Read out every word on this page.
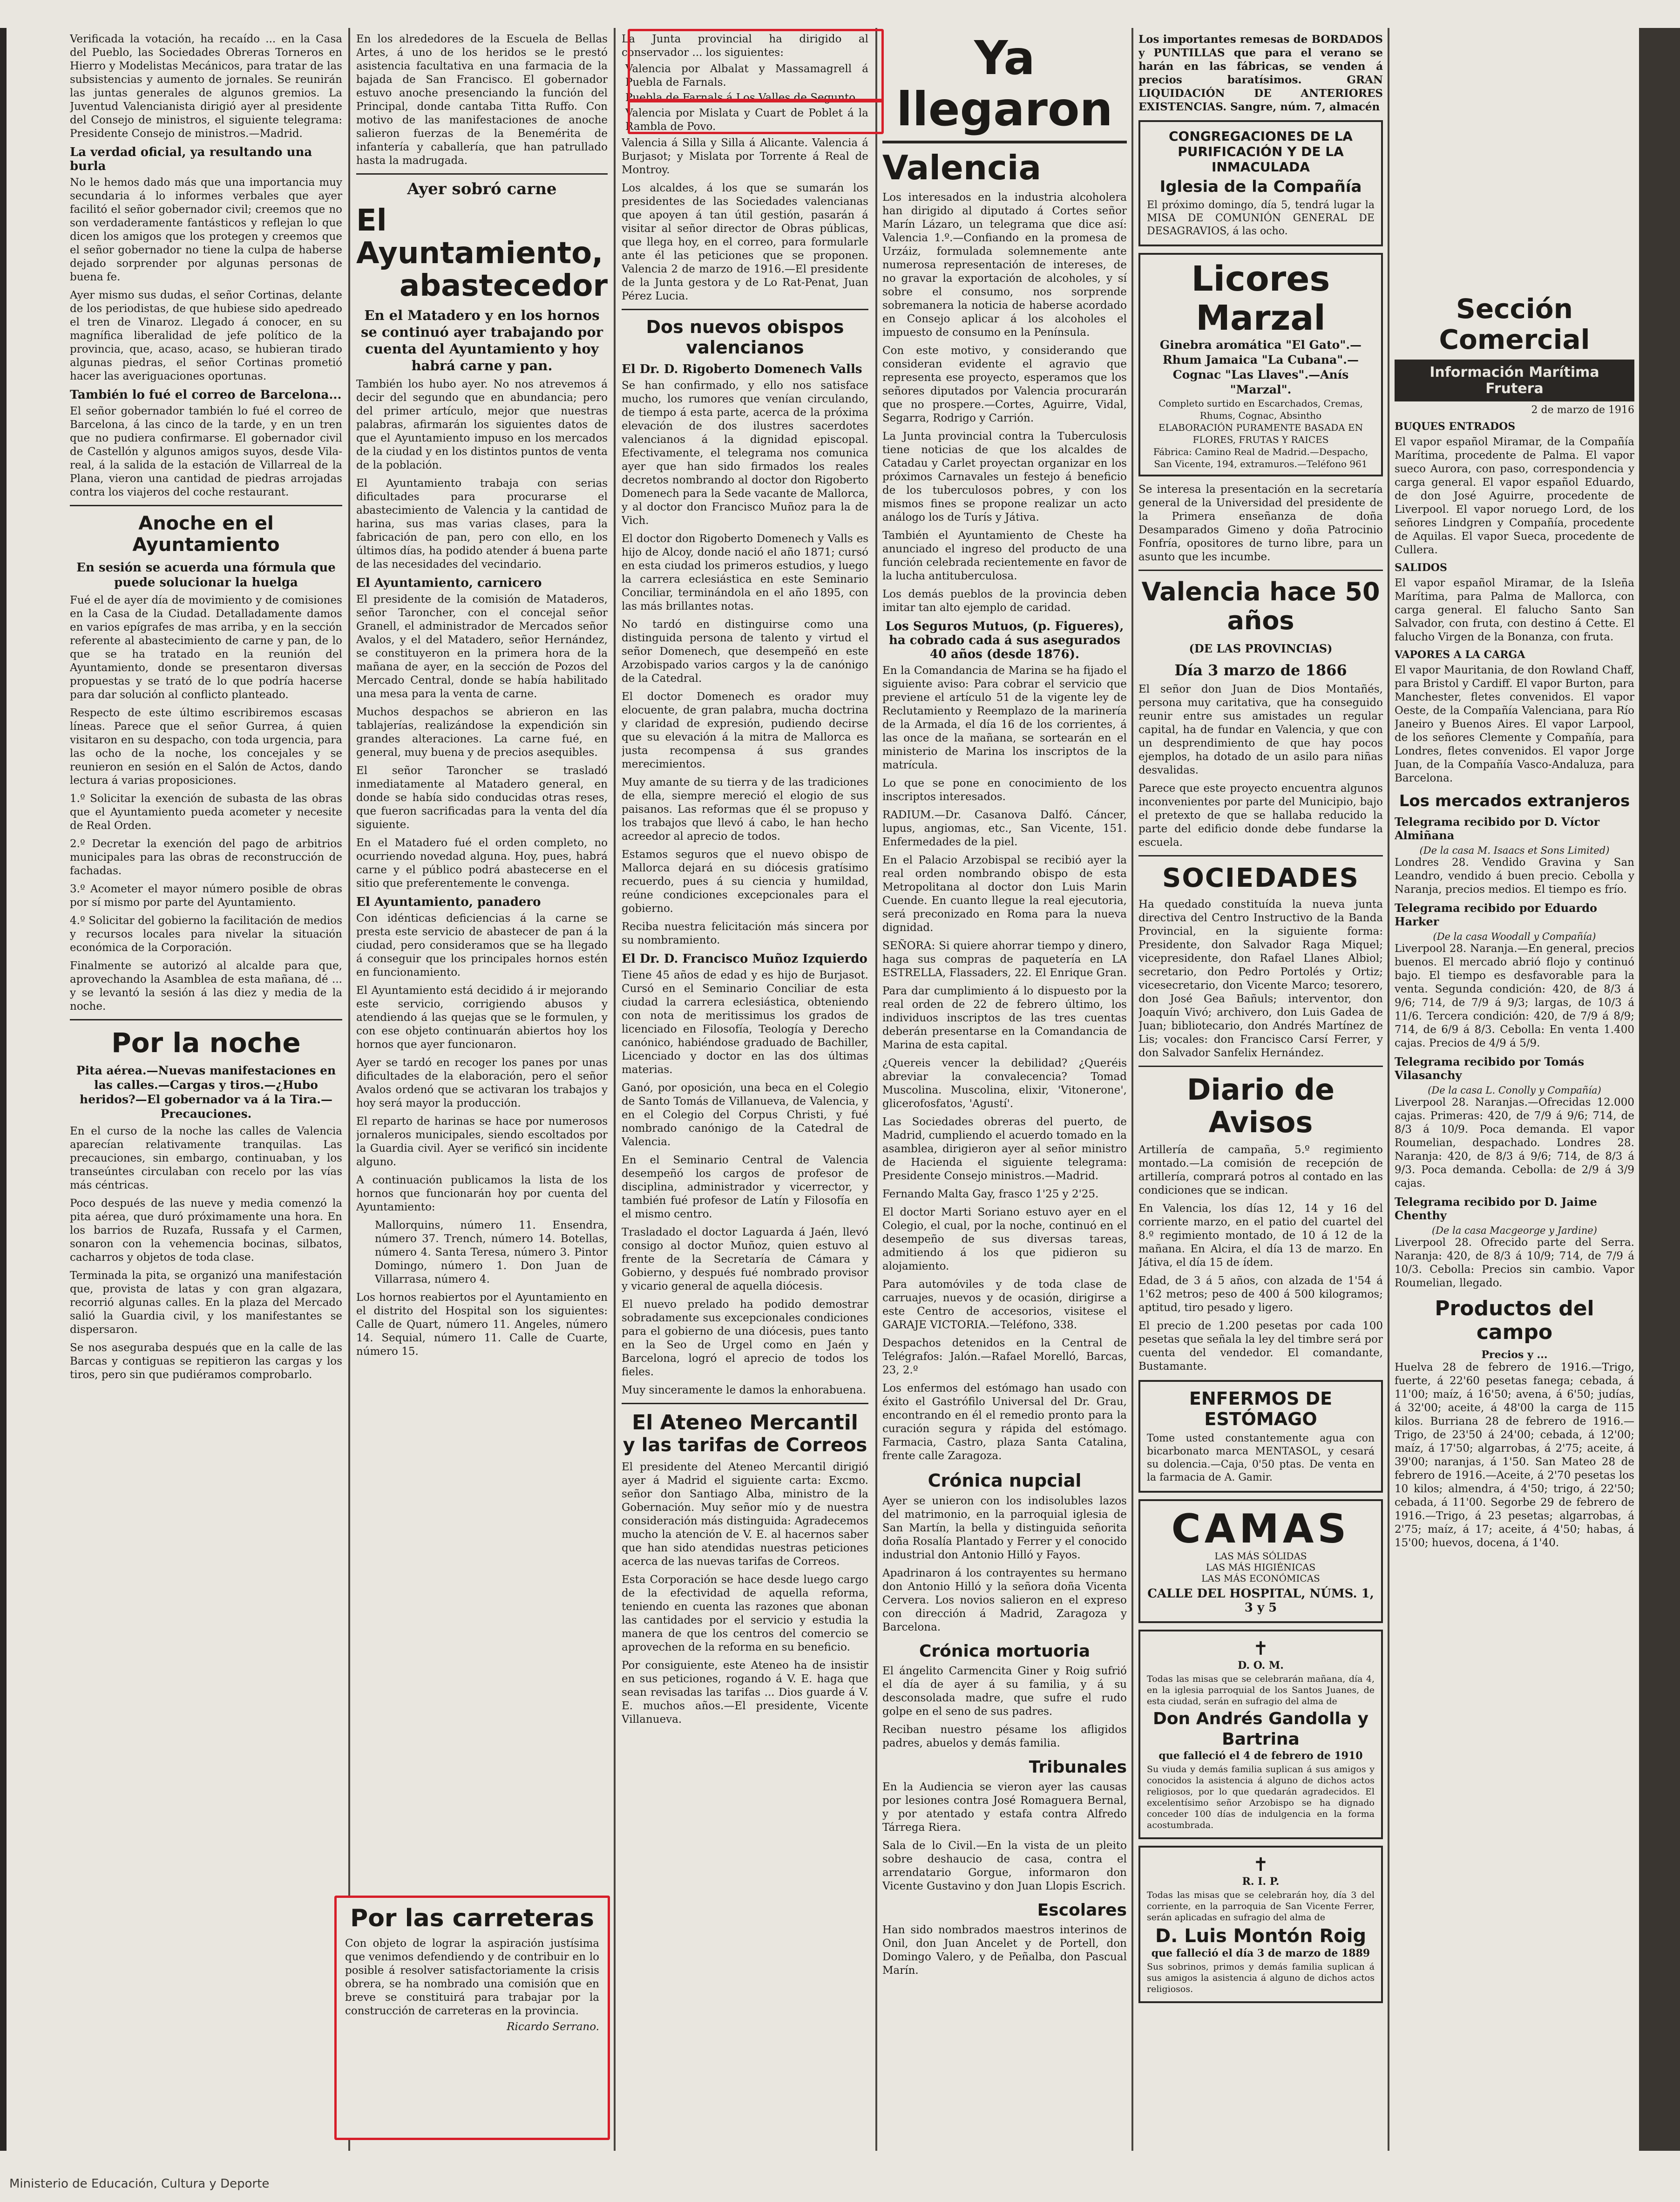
Verificada la votación, ha recaído ... en la Casa del Pueblo, las Sociedades Obreras Torneros en Hierro y Modelistas Mecánicos, para tratar de las subsistencias y aumento de jornales. Se reunirán las juntas generales de algunos gremios. La Juventud Valencianista dirigió ayer al presidente del Consejo de ministros, el siguiente telegrama: Presidente Consejo de ministros.—Madrid.

La verdad oficial, ya resultando una burla

No le hemos dado más que una importancia muy secundaria á lo informes verbales que ayer facilitó el señor gobernador civil; creemos que no son verdaderamente fantásticos y reflejan lo que dicen los amigos que los protegen y creemos que el señor gobernador no tiene la culpa de haberse dejado sorprender por algunas personas de buena fe.

Ayer mismo sus dudas, el señor Cortinas, delante de los periodistas, de que hubiese sido apedreado el tren de Vinaroz. Llegado á conocer, en su magnífica liberalidad de jefe político de la provincia, que, acaso, acaso, se hubieran tirado algunas piedras, el señor Cortinas prometió hacer las averiguaciones oportunas.

También lo fué el correo de Barcelona...

El señor gobernador también lo fué el correo de Barcelona, á las cinco de la tarde, y en un tren que no pudiera confirmarse. El gobernador civil de Castellón y algunos amigos suyos, desde Vila-real, á la salida de la estación de Villarreal de la Plana, vieron una cantidad de piedras arrojadas contra los viajeros del coche restaurant.

Anoche en el Ayuntamiento
En sesión se acuerda una fórmula que puede solucionar la huelga

Fué el de ayer día de movimiento y de comisiones en la Casa de la Ciudad. Detalladamente damos en varios epígrafes de mas arriba, y en la sección referente al abastecimiento de carne y pan, de lo que se ha tratado en la reunión del Ayuntamiento, donde se presentaron diversas propuestas y se trató de lo que podría hacerse para dar solución al conflicto planteado.

Respecto de este último escribiremos escasas líneas. Parece que el señor Gurrea, á quien visitaron en su despacho, con toda urgencia, para las ocho de la noche, los concejales y se reunieron en sesión en el Salón de Actos, dando lectura á varias proposiciones.

1.º Solicitar la exención de subasta de las obras que el Ayuntamiento pueda acometer y necesite de Real Orden.

2.º Decretar la exención del pago de arbitrios municipales para las obras de reconstrucción de fachadas.

3.º Acometer el mayor número posible de obras por sí mismo por parte del Ayuntamiento.

4.º Solicitar del gobierno la facilitación de medios y recursos locales para nivelar la situación económica de la Corporación.

Finalmente se autorizó al alcalde para que, aprovechando la Asamblea de esta mañana, dé ... y se levantó la sesión á las diez y media de la noche.

Por la noche
Pita aérea.—Nuevas manifestaciones en las calles.—Cargas y tiros.—¿Hubo heridos?—El gobernador va á la Tira.—Precauciones.

En el curso de la noche las calles de Valencia aparecían relativamente tranquilas. Las precauciones, sin embargo, continuaban, y los transeúntes circulaban con recelo por las vías más céntricas.

Poco después de las nueve y media comenzó la pita aérea, que duró próximamente una hora. En los barrios de Ruzafa, Russafa y el Carmen, sonaron con la vehemencia bocinas, silbatos, cacharros y objetos de toda clase.

Terminada la pita, se organizó una manifestación que, provista de latas y con gran algazara, recorrió algunas calles. En la plaza del Mercado salió la Guardia civil, y los manifestantes se dispersaron.

Se nos aseguraba después que en la calle de las Barcas y contiguas se repitieron las cargas y los tiros, pero sin que pudiéramos comprobarlo.

En los alrededores de la Escuela de Bellas Artes, á uno de los heridos se le prestó asistencia facultativa en una farmacia de la bajada de San Francisco. El gobernador estuvo anoche presenciando la función del Principal, donde cantaba Titta Ruffo. Con motivo de las manifestaciones de anoche salieron fuerzas de la Benemérita de infantería y caballería, que han patrullado hasta la madrugada.

Ayer sobró carne
El Ayuntamiento,
abastecedor
En el Matadero y en los hornos se continuó ayer trabajando por cuenta del Ayuntamiento y hoy habrá carne y pan.

También los hubo ayer. No nos atrevemos á decir del segundo que en abundancia; pero del primer artículo, mejor que nuestras palabras, afirmarán los siguientes datos de que el Ayuntamiento impuso en los mercados de la ciudad y en los distintos puntos de venta de la población.

El Ayuntamiento trabaja con serias dificultades para procurarse el abastecimiento de Valencia y la cantidad de harina, sus mas varias clases, para la fabricación de pan, pero con ello, en los últimos días, ha podido atender á buena parte de las necesidades del vecindario.

El Ayuntamiento, carnicero

El presidente de la comisión de Mataderos, señor Taroncher, con el concejal señor Granell, el administrador de Mercados señor Avalos, y el del Matadero, señor Hernández, se constituyeron en la primera hora de la mañana de ayer, en la sección de Pozos del Mercado Central, donde se había habilitado una mesa para la venta de carne.

Muchos despachos se abrieron en las tablajerías, realizándose la expendición sin grandes alteraciones. La carne fué, en general, muy buena y de precios asequibles.

El señor Taroncher se trasladó inmediatamente al Matadero general, en donde se había sido conducidas otras reses, que fueron sacrificadas para la venta del día siguiente.

En el Matadero fué el orden completo, no ocurriendo novedad alguna. Hoy, pues, habrá carne y el público podrá abastecerse en el sitio que preferentemente le convenga.

El Ayuntamiento, panadero

Con idénticas deficiencias á la carne se presta este servicio de abastecer de pan á la ciudad, pero consideramos que se ha llegado á conseguir que los principales hornos estén en funcionamiento.

El Ayuntamiento está decidido á ir mejorando este servicio, corrigiendo abusos y atendiendo á las quejas que se le formulen, y con ese objeto continuarán abiertos hoy los hornos que ayer funcionaron.

Ayer se tardó en recoger los panes por unas dificultades de la elaboración, pero el señor Avalos ordenó que se activaran los trabajos y hoy será mayor la producción.

El reparto de harinas se hace por numerosos jornaleros municipales, siendo escoltados por la Guardia civil. Ayer se verificó sin incidente alguno.

A continuación publicamos la lista de los hornos que funcionarán hoy por cuenta del Ayuntamiento:

Mallorquins, número 11. Ensendra, número 37. Trench, número 14. Botellas, número 4. Santa Teresa, número 3. Pintor Domingo, número 1. Don Juan de Villarrasa, número 4.

Los hornos reabiertos por el Ayuntamiento en el distrito del Hospital son los siguientes: Calle de Quart, número 11. Angeles, número 14. Sequial, número 11. Calle de Cuarte, número 15.

Por las carreteras

Con objeto de lograr la aspiración justísima que venimos defendiendo y de contribuir en lo posible á resolver satisfactoriamente la crisis obrera, se ha nombrado una comisión que en breve se constituirá para trabajar por la construcción de carreteras en la provincia.

Ricardo Serrano.

La Junta provincial ha dirigido al conservador ... los siguientes:

Valencia por Albalat y Massamagrell á Puebla de Farnals.

Puebla de Farnals á Los Valles de Segunto.

Valencia por Mislata y Cuart de Poblet á la Rambla de Povo.

Valencia á Silla y Silla á Alicante. Valencia á Burjasot; y Mislata por Torrente á Real de Montroy.

Los alcaldes, á los que se sumarán los presidentes de las Sociedades valencianas que apoyen á tan útil gestión, pasarán á visitar al señor director de Obras públicas, que llega hoy, en el correo, para formularle ante él las peticiones que se proponen. Valencia 2 de marzo de 1916.—El presidente de la Junta gestora y de Lo Rat-Penat, Juan Pérez Lucia.

Dos nuevos obispos valencianos
El Dr. D. Rigoberto Domenech Valls

Se han confirmado, y ello nos satisface mucho, los rumores que venían circulando, de tiempo á esta parte, acerca de la próxima elevación de dos ilustres sacerdotes valencianos á la dignidad episcopal. Efectivamente, el telegrama nos comunica ayer que han sido firmados los reales decretos nombrando al doctor don Rigoberto Domenech para la Sede vacante de Mallorca, y al doctor don Francisco Muñoz para la de Vich.

El doctor don Rigoberto Domenech y Valls es hijo de Alcoy, donde nació el año 1871; cursó en esta ciudad los primeros estudios, y luego la carrera eclesiástica en este Seminario Conciliar, terminándola en el año 1895, con las más brillantes notas.

No tardó en distinguirse como una distinguida persona de talento y virtud el señor Domenech, que desempeñó en este Arzobispado varios cargos y la de canónigo de la Catedral.

El doctor Domenech es orador muy elocuente, de gran palabra, mucha doctrina y claridad de expresión, pudiendo decirse que su elevación á la mitra de Mallorca es justa recompensa á sus grandes merecimientos.

Muy amante de su tierra y de las tradiciones de ella, siempre mereció el elogio de sus paisanos. Las reformas que él se propuso y los trabajos que llevó á cabo, le han hecho acreedor al aprecio de todos.

Estamos seguros que el nuevo obispo de Mallorca dejará en su diócesis gratísimo recuerdo, pues á su ciencia y humildad, reúne condiciones excepcionales para el gobierno.

Reciba nuestra felicitación más sincera por su nombramiento.

El Dr. D. Francisco Muñoz Izquierdo

Tiene 45 años de edad y es hijo de Burjasot. Cursó en el Seminario Conciliar de esta ciudad la carrera eclesiástica, obteniendo con nota de meritissimus los grados de licenciado en Filosofía, Teología y Derecho canónico, habiéndose graduado de Bachiller, Licenciado y doctor en las dos últimas materias.

Ganó, por oposición, una beca en el Colegio de Santo Tomás de Villanueva, de Valencia, y en el Colegio del Corpus Christi, y fué nombrado canónigo de la Catedral de Valencia.

En el Seminario Central de Valencia desempeñó los cargos de profesor de disciplina, administrador y vicerrector, y también fué profesor de Latín y Filosofía en el mismo centro.

Trasladado el doctor Laguarda á Jaén, llevó consigo al doctor Muñoz, quien estuvo al frente de la Secretaría de Cámara y Gobierno, y después fué nombrado provisor y vicario general de aquella diócesis.

El nuevo prelado ha podido demostrar sobradamente sus excepcionales condiciones para el gobierno de una diócesis, pues tanto en la Seo de Urgel como en Jaén y Barcelona, logró el aprecio de todos los fieles.

Muy sinceramente le damos la enhorabuena.

El Ateneo Mercantil
y las tarifas de Correos

El presidente del Ateneo Mercantil dirigió ayer á Madrid el siguiente carta: Excmo. señor don Santiago Alba, ministro de la Gobernación. Muy señor mío y de nuestra consideración más distinguida: Agradecemos mucho la atención de V. E. al hacernos saber que han sido atendidas nuestras peticiones acerca de las nuevas tarifas de Correos.

Esta Corporación se hace desde luego cargo de la efectividad de aquella reforma, teniendo en cuenta las razones que abonan las cantidades por el servicio y estudia la manera de que los centros del comercio se aprovechen de la reforma en su beneficio.

Por consiguiente, este Ateneo ha de insistir en sus peticiones, rogando á V. E. haga que sean revisadas las tarifas ... Dios guarde á V. E. muchos años.—El presidente, Vicente Villanueva.

Ya llegaron
Valencia

Los interesados en la industria alcoholera han dirigido al diputado á Cortes señor Marín Lázaro, un telegrama que dice así: Valencia 1.º.—Confiando en la promesa de Urzáiz, formulada solemnemente ante numerosa representación de intereses, de no gravar la exportación de alcoholes, y sí sobre el consumo, nos sorprende sobremanera la noticia de haberse acordado en Consejo aplicar á los alcoholes el impuesto de consumo en la Península.

Con este motivo, y considerando que consideran evidente el agravio que representa ese proyecto, esperamos que los señores diputados por Valencia procurarán que no prospere.—Cortes, Aguirre, Vidal, Segarra, Rodrigo y Carrión.

La Junta provincial contra la Tuberculosis tiene noticias de que los alcaldes de Catadau y Carlet proyectan organizar en los próximos Carnavales un festejo á beneficio de los tuberculosos pobres, y con los mismos fines se propone realizar un acto análogo los de Turís y Játiva.

También el Ayuntamiento de Cheste ha anunciado el ingreso del producto de una función celebrada recientemente en favor de la lucha antituberculosa.

Los demás pueblos de la provincia deben imitar tan alto ejemplo de caridad.

Los Seguros Mutuos, (p. Figueres), ha cobrado cada á sus asegurados 40 años (desde 1876).

En la Comandancia de Marina se ha fijado el siguiente aviso: Para cobrar el servicio que previene el artículo 51 de la vigente ley de Reclutamiento y Reemplazo de la marinería de la Armada, el día 16 de los corrientes, á las once de la mañana, se sortearán en el ministerio de Marina los inscriptos de la matrícula.

Lo que se pone en conocimiento de los inscriptos interesados.

RADIUM.—Dr. Casanova Dalfó. Cáncer, lupus, angiomas, etc., San Vicente, 151. Enfermedades de la piel.

En el Palacio Arzobispal se recibió ayer la real orden nombrando obispo de esta Metropolitana al doctor don Luis Marin Cuende. En cuanto llegue la real ejecutoria, será preconizado en Roma para la nueva dignidad.

SEÑORA: Si quiere ahorrar tiempo y dinero, haga sus compras de paquetería en LA ESTRELLA, Flassaders, 22. El Enrique Gran.

Para dar cumplimiento á lo dispuesto por la real orden de 22 de febrero último, los individuos inscriptos de las tres cuentas deberán presentarse en la Comandancia de Marina de esta capital.

¿Quereis vencer la debilidad? ¿Queréis abreviar la convalecencia? Tomad Muscolina. Muscolina, elixir, 'Vitonerone', glicerofosfatos, 'Agustí'.

Las Sociedades obreras del puerto, de Madrid, cumpliendo el acuerdo tomado en la asamblea, dirigieron ayer al señor ministro de Hacienda el siguiente telegrama: Presidente Consejo ministros.—Madrid.

Fernando Malta Gay, frasco 1'25 y 2'25.

El doctor Marti Soriano estuvo ayer en el Colegio, el cual, por la noche, continuó en el desempeño de sus diversas tareas, admitiendo á los que pidieron su alojamiento.

Para automóviles y de toda clase de carruajes, nuevos y de ocasión, dirigirse a este Centro de accesorios, visitese el GARAJE VICTORIA.—Teléfono, 338.

Despachos detenidos en la Central de Telégrafos: Jalón.—Rafael Morelló, Barcas, 23, 2.º

Los enfermos del estómago han usado con éxito el Gastrófilo Universal del Dr. Grau, encontrando en él el remedio pronto para la curación segura y rápida del estómago. Farmacia, Castro, plaza Santa Catalina, frente calle Zaragoza.

Crónica nupcial

Ayer se unieron con los indisolubles lazos del matrimonio, en la parroquial iglesia de San Martín, la bella y distinguida señorita doña Rosalía Plantado y Ferrer y el conocido industrial don Antonio Hilló y Fayos.

Apadrinaron á los contrayentes su hermano don Antonio Hilló y la señora doña Vicenta Cervera. Los novios salieron en el expreso con dirección á Madrid, Zaragoza y Barcelona.

Crónica mortuoria

El ángelito Carmencita Giner y Roig sufrió el día de ayer á su familia, y á su desconsolada madre, que sufre el rudo golpe en el seno de sus padres.

Reciban nuestro pésame los afligidos padres, abuelos y demás familia.

Tribunales

En la Audiencia se vieron ayer las causas por lesiones contra José Romaguera Bernal, y por atentado y estafa contra Alfredo Tárrega Riera.

Sala de lo Civil.—En la vista de un pleito sobre deshaucio de casa, contra el arrendatario Gorgue, informaron don Vicente Gustavino y don Juan Llopis Escrich.

Escolares

Han sido nombrados maestros interinos de Onil, don Juan Ancelet y de Portell, don Domingo Valero, y de Peñalba, don Pascual Marín.

Los importantes remesas de BORDADOS y PUNTILLAS que para el verano se harán en las fábricas, se venden á precios baratísimos. GRAN LIQUIDACIÓN DE ANTERIORES EXISTENCIAS. Sangre, núm. 7, almacén

CONGREGACIONES DE LA PURIFICACIÓN Y DE LA INMACULADA
Iglesia de la Compañía

El próximo domingo, día 5, tendrá lugar la MISA DE COMUNIÓN GENERAL DE DESAGRAVIOS, á las ocho.

Licores Marzal
Ginebra aromática "El Gato".—Rhum Jamaica "La Cubana".—Cognac "Las Llaves".—Anís "Marzal".
Completo surtido en Escarchados, Cremas, Rhums, Cognac, Absintho
ELABORACIÓN PURAMENTE BASADA EN FLORES, FRUTAS Y RAICES
Fábrica: Camino Real de Madrid.—Despacho, San Vicente, 194, extramuros.—Teléfono 961

Se interesa la presentación en la secretaría general de la Universidad del presidente de la Primera enseñanza de doña Desamparados Gimeno y doña Patrocinio Fonfría, opositores de turno libre, para un asunto que les incumbe.

Valencia hace 50 años
(DE LAS PROVINCIAS)
Día 3 marzo de 1866

El señor don Juan de Dios Montañés, persona muy caritativa, que ha conseguido reunir entre sus amistades un regular capital, ha de fundar en Valencia, y que con un desprendimiento de que hay pocos ejemplos, ha dotado de un asilo para niñas desvalidas.

Parece que este proyecto encuentra algunos inconvenientes por parte del Municipio, bajo el pretexto de que se hallaba reducido la parte del edificio donde debe fundarse la escuela.

SOCIEDADES

Ha quedado constituída la nueva junta directiva del Centro Instructivo de la Banda Provincial, en la siguiente forma: Presidente, don Salvador Raga Miquel; vicepresidente, don Rafael Llanes Albiol; secretario, don Pedro Portolés y Ortiz; vicesecretario, don Vicente Marco; tesorero, don José Gea Bañuls; interventor, don Joaquín Vivó; archivero, don Luis Gadea de Juan; bibliotecario, don Andrés Martínez de Lis; vocales: don Francisco Carsí Ferrer, y don Salvador Sanfelix Hernández.

Diario de Avisos

Artillería de campaña, 5.º regimiento montado.—La comisión de recepción de artillería, comprará potros al contado en las condiciones que se indican.

En Valencia, los días 12, 14 y 16 del corriente marzo, en el patio del cuartel del 8.º regimiento montado, de 10 á 12 de la mañana. En Alcira, el día 13 de marzo. En Játiva, el día 15 de ídem.

Edad, de 3 á 5 años, con alzada de 1'54 á 1'62 metros; peso de 400 á 500 kilogramos; aptitud, tiro pesado y ligero.

El precio de 1.200 pesetas por cada 100 pesetas que señala la ley del timbre será por cuenta del vendedor. El comandante, Bustamante.

ENFERMOS DE ESTÓMAGO

Tome usted constantemente agua con bicarbonato marca MENTASOL, y cesará su dolencia.—Caja, 0'50 ptas. De venta en la farmacia de A. Gamir.

CAMAS
LAS MÁS SÓLIDAS
LAS MÁS HIGIÉNICAS
LAS MÁS ECONÓMICAS
CALLE DEL HOSPITAL, NÚMS. 1, 3 y 5
✝
D. O. M.

Todas las misas que se celebrarán mañana, día 4, en la iglesia parroquial de los Santos Juanes, de esta ciudad, serán en sufragio del alma de

Don Andrés Gandolla y Bartrina
que falleció el 4 de febrero de 1910

Su viuda y demás familia suplican á sus amigos y conocidos la asistencia á alguno de dichos actos religiosos, por lo que quedarán agradecidos. El excelentísimo señor Arzobispo se ha dignado conceder 100 días de indulgencia en la forma acostumbrada.

✝
R. I. P.

Todas las misas que se celebrarán hoy, día 3 del corriente, en la parroquia de San Vicente Ferrer, serán aplicadas en sufragio del alma de

D. Luis Montón Roig
que falleció el día 3 de marzo de 1889

Sus sobrinos, primos y demás familia suplican á sus amigos la asistencia á alguno de dichos actos religiosos.

Sección Comercial
Información Marítima Frutera
2 de marzo de 1916
BUQUES ENTRADOS

El vapor español Miramar, de la Compañía Marítima, procedente de Palma. El vapor sueco Aurora, con paso, correspondencia y carga general. El vapor español Eduardo, de don José Aguirre, procedente de Liverpool. El vapor noruego Lord, de los señores Lindgren y Compañía, procedente de Aquilas. El vapor Sueca, procedente de Cullera.

SALIDOS

El vapor español Miramar, de la Isleña Marítima, para Palma de Mallorca, con carga general. El falucho Santo San Salvador, con fruta, con destino á Cette. El falucho Virgen de la Bonanza, con fruta.

VAPORES A LA CARGA

El vapor Mauritania, de don Rowland Chaff, para Bristol y Cardiff. El vapor Burton, para Manchester, fletes convenidos. El vapor Oeste, de la Compañía Valenciana, para Río Janeiro y Buenos Aires. El vapor Larpool, de los señores Clemente y Compañía, para Londres, fletes convenidos. El vapor Jorge Juan, de la Compañía Vasco-Andaluza, para Barcelona.

Los mercados extranjeros
Telegrama recibido por D. Víctor Almiñana
(De la casa M. Isaacs et Sons Limited)

Londres 28. Vendido Gravina y San Leandro, vendido á buen precio. Cebolla y Naranja, precios medios. El tiempo es frío.

Telegrama recibido por Eduardo Harker
(De la casa Woodall y Compañía)

Liverpool 28. Naranja.—En general, precios buenos. El mercado abrió flojo y continuó bajo. El tiempo es desfavorable para la venta. Segunda condición: 420, de 8/3 á 9/6; 714, de 7/9 á 9/3; largas, de 10/3 á 11/6. Tercera condición: 420, de 7/9 á 8/9; 714, de 6/9 á 8/3. Cebolla: En venta 1.400 cajas. Precios de 4/9 á 5/9.

Telegrama recibido por Tomás Vilasanchy
(De la casa L. Conolly y Compañía)

Liverpool 28. Naranjas.—Ofrecidas 12.000 cajas. Primeras: 420, de 7/9 á 9/6; 714, de 8/3 á 10/9. Poca demanda. El vapor Roumelian, despachado. Londres 28. Naranja: 420, de 8/3 á 9/6; 714, de 8/3 á 9/3. Poca demanda. Cebolla: de 2/9 á 3/9 cajas.

Telegrama recibido por D. Jaime Chenthy
(De la casa Macgeorge y Jardine)

Liverpool 28. Ofrecido parte del Serra. Naranja: 420, de 8/3 á 10/9; 714, de 7/9 á 10/3. Cebolla: Precios sin cambio. Vapor Roumelian, llegado.

Productos del campo
Precios y ...

Huelva 28 de febrero de 1916.—Trigo, fuerte, á 22'60 pesetas fanega; cebada, á 11'00; maíz, á 16'50; avena, á 6'50; judías, á 32'00; aceite, á 48'00 la carga de 115 kilos. Burriana 28 de febrero de 1916.—Trigo, de 23'50 á 24'00; cebada, á 12'00; maíz, á 17'50; algarrobas, á 2'75; aceite, á 39'00; naranjas, á 1'50. San Mateo 28 de febrero de 1916.—Aceite, á 2'70 pesetas los 10 kilos; almendra, á 4'50; trigo, á 22'50; cebada, á 11'00. Segorbe 29 de febrero de 1916.—Trigo, á 23 pesetas; algarrobas, á 2'75; maíz, á 17; aceite, á 4'50; habas, á 15'00; huevos, docena, á 1'40.

Ministerio de Educación, Cultura y Deporte
